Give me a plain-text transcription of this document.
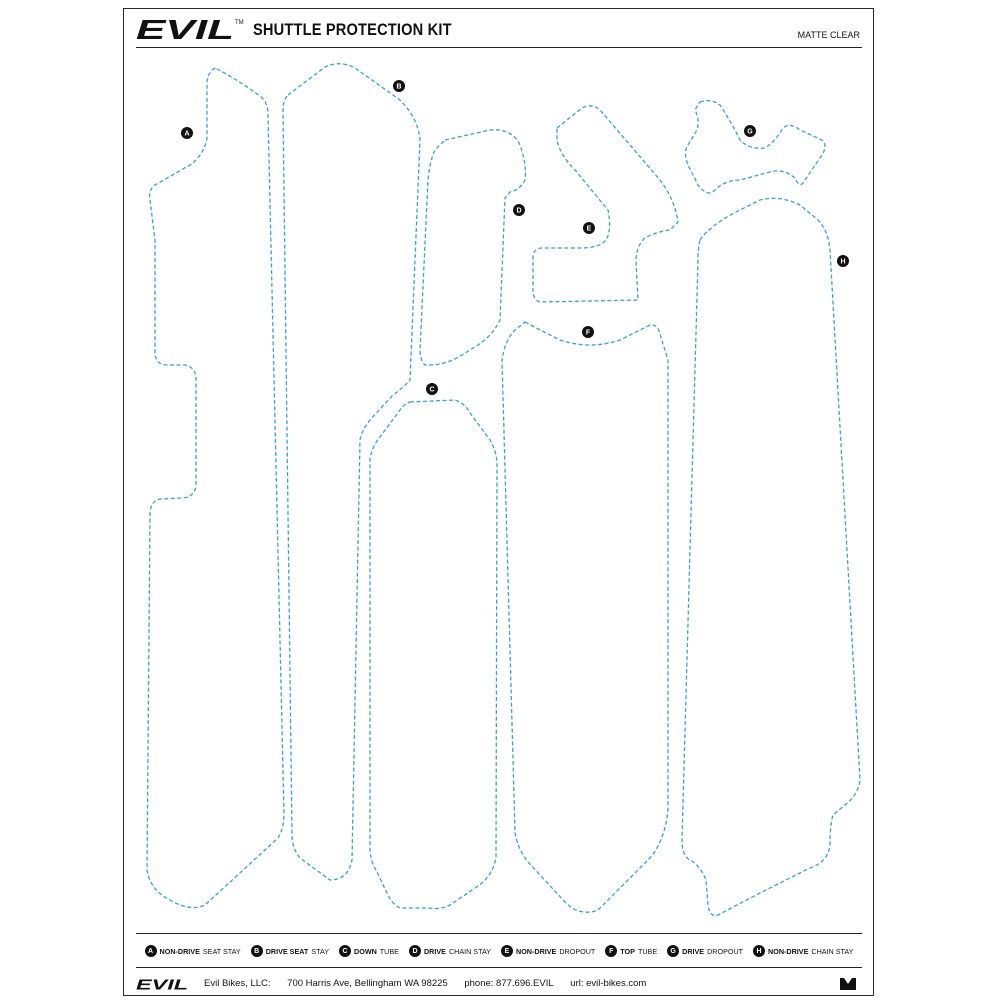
EVIL TM SHUTTLE PROTECTION KIT	MATTE CLEAR
A
B
C
D
E
F
G
H
A NON-DRIVE SEAT STAY	B DRIVE SEAT STAY	C DOWN TUBE	D DRIVE CHAIN STAY	E NON-DRIVE DROPOUT	F TOP TUBE	G DRIVE DROPOUT	H NON-DRIVE CHAIN STAY
EVIL Evil Bikes, LLC: 700 Harris Ave, Bellingham WA 98225 phone: 877.696.EVIL url: evil-bikes.com
